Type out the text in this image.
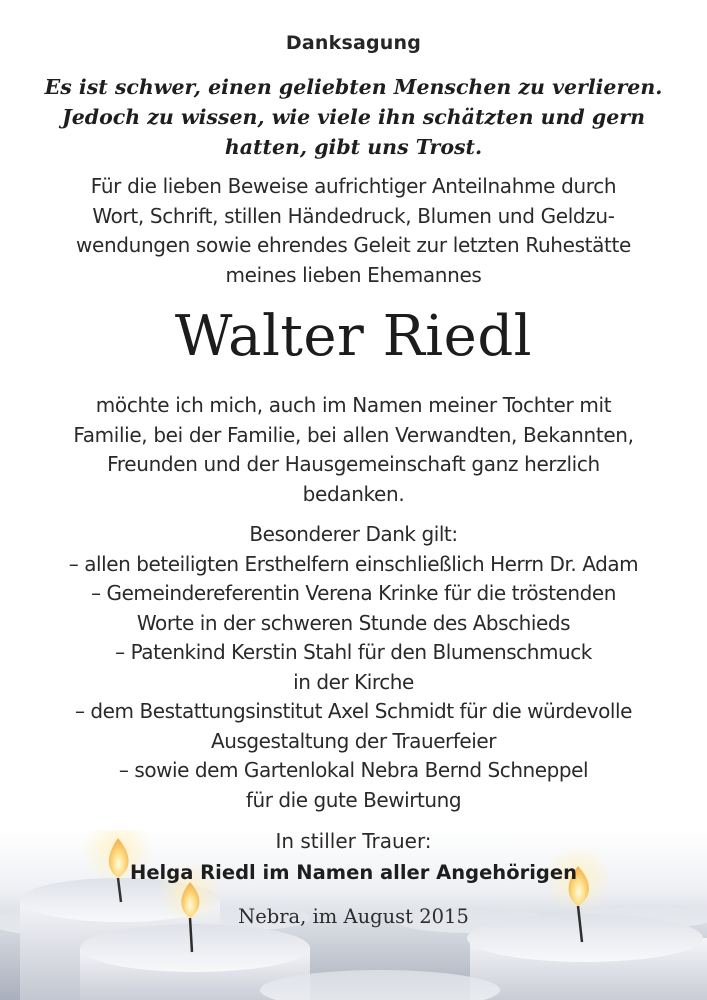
Danksagung
Es ist schwer, einen geliebten Menschen zu verlieren.
Jedoch zu wissen, wie viele ihn schätzten und gern
hatten, gibt uns Trost.
Für die lieben Beweise aufrichtiger Anteilnahme durch
Wort, Schrift, stillen Händedruck, Blumen und Geldzu-
wendungen sowie ehrendes Geleit zur letzten Ruhestätte
meines lieben Ehemannes
Walter Riedl
möchte ich mich, auch im Namen meiner Tochter mit
Familie, bei der Familie, bei allen Verwandten, Bekannten,
Freunden und der Hausgemeinschaft ganz herzlich
bedanken.
Besonderer Dank gilt:
– allen beteiligten Ersthelfern einschließlich Herrn Dr. Adam
– Gemeindereferentin Verena Krinke für die tröstenden
Worte in der schweren Stunde des Abschieds
– Patenkind Kerstin Stahl für den Blumenschmuck
in der Kirche
– dem Bestattungsinstitut Axel Schmidt für die würdevolle
Ausgestaltung der Trauerfeier
– sowie dem Gartenlokal Nebra Bernd Schneppel
für die gute Bewirtung
In stiller Trauer:
Helga Riedl im Namen aller Angehörigen
Nebra, im August 2015
